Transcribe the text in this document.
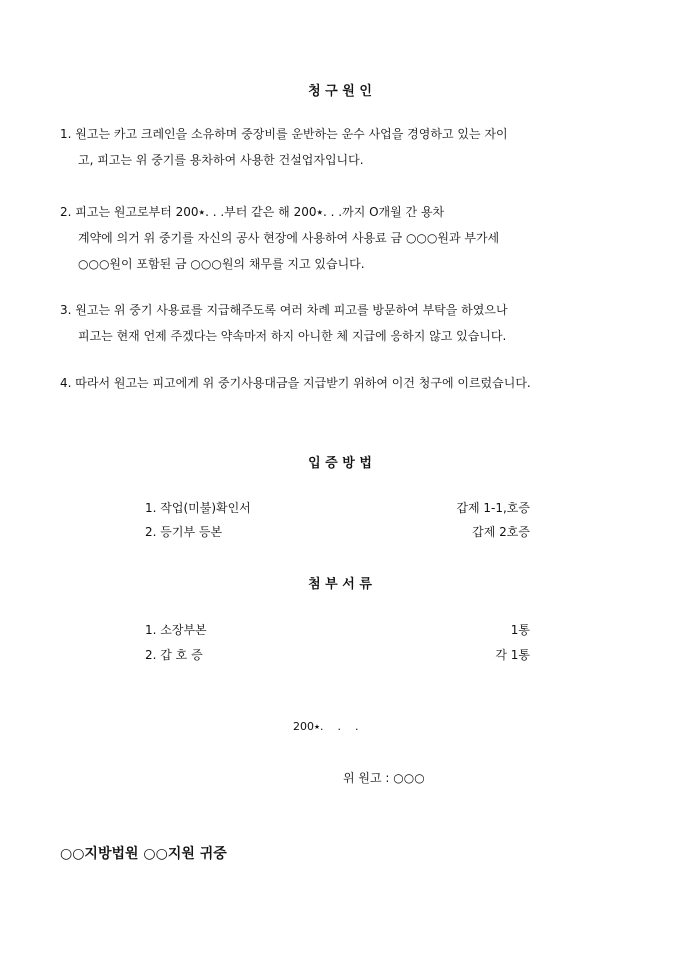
청 구 원 인
1. 원고는 카고 크레인을 소유하며 중장비를 운반하는 운수 사업을 경영하고 있는 자이
고, 피고는 위 중기를 용차하여 사용한 건설업자입니다.
2. 피고는 원고로부터 200٭. . .부터 같은 해 200٭. . .까지 O개월 간 용차
계약에 의거 위 중기를 자신의 공사 현장에 사용하여 사용료 금 ○○○원과 부가세
○○○원이 포함된 금 ○○○원의 채무를 지고 있습니다.
3. 원고는 위 중기 사용료를 지급해주도록 여러 차례 피고를 방문하여 부탁을 하였으나
피고는 현재 언제 주겠다는 약속마저 하지 아니한 체 지급에 응하지 않고 있습니다.
4. 따라서 원고는 피고에게 위 중기사용대금을 지급받기 위하여 이건 청구에 이르렀습니다.
입 증 방 법
1. 작업(미불)확인서	갑제 1-1,호증
2. 등기부 등본	갑제 2호증
첨 부 서 류
1. 소장부본	1통
2. 갑 호 증	각 1통
200٭.    .    .
위 원고 : ○○○
○○지방법원 ○○지원 귀중
